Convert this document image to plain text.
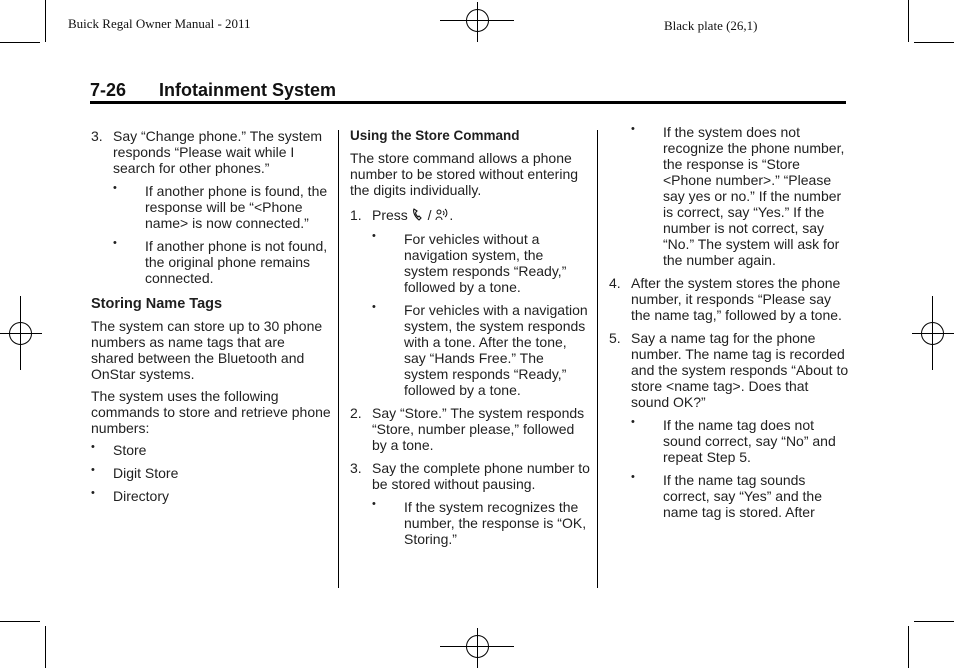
Buick Regal Owner Manual - 2011	Black plate (26,1)
7-26 Infotainment System
3. Say “Change phone.” The system responds “Please wait while I search for other phones.”
• If another phone is found, the response will be “<Phone name> is now connected.”
• If another phone is not found, the original phone remains connected.
Storing Name Tags

The system can store up to 30 phone numbers as name tags that are shared between the Bluetooth and OnStar systems.

The system uses the following commands to store and retrieve phone numbers:

• Store
• Digit Store
• Directory
Using the Store Command

The store command allows a phone number to be stored without entering the digits individually.

1. Press  / .
• For vehicles without a navigation system, the system responds “Ready,” followed by a tone.
• For vehicles with a navigation system, the system responds with a tone. After the tone, say “Hands Free.” The system responds “Ready,” followed by a tone.
2. Say “Store.” The system responds “Store, number please,” followed by a tone.
3. Say the complete phone number to be stored without pausing.
• If the system recognizes the number, the response is “OK, Storing.”
• If the system does not recognize the phone number, the response is “Store <Phone number>.” “Please say yes or no.” If the number is correct, say “Yes.” If the number is not correct, say “No.” The system will ask for the number again.
4. After the system stores the phone number, it responds “Please say the name tag,” followed by a tone.
5. Say a name tag for the phone number. The name tag is recorded and the system responds “About to store <name tag>. Does that sound OK?”
• If the name tag does not sound correct, say “No” and repeat Step 5.
• If the name tag sounds correct, say “Yes” and the name tag is stored. After
